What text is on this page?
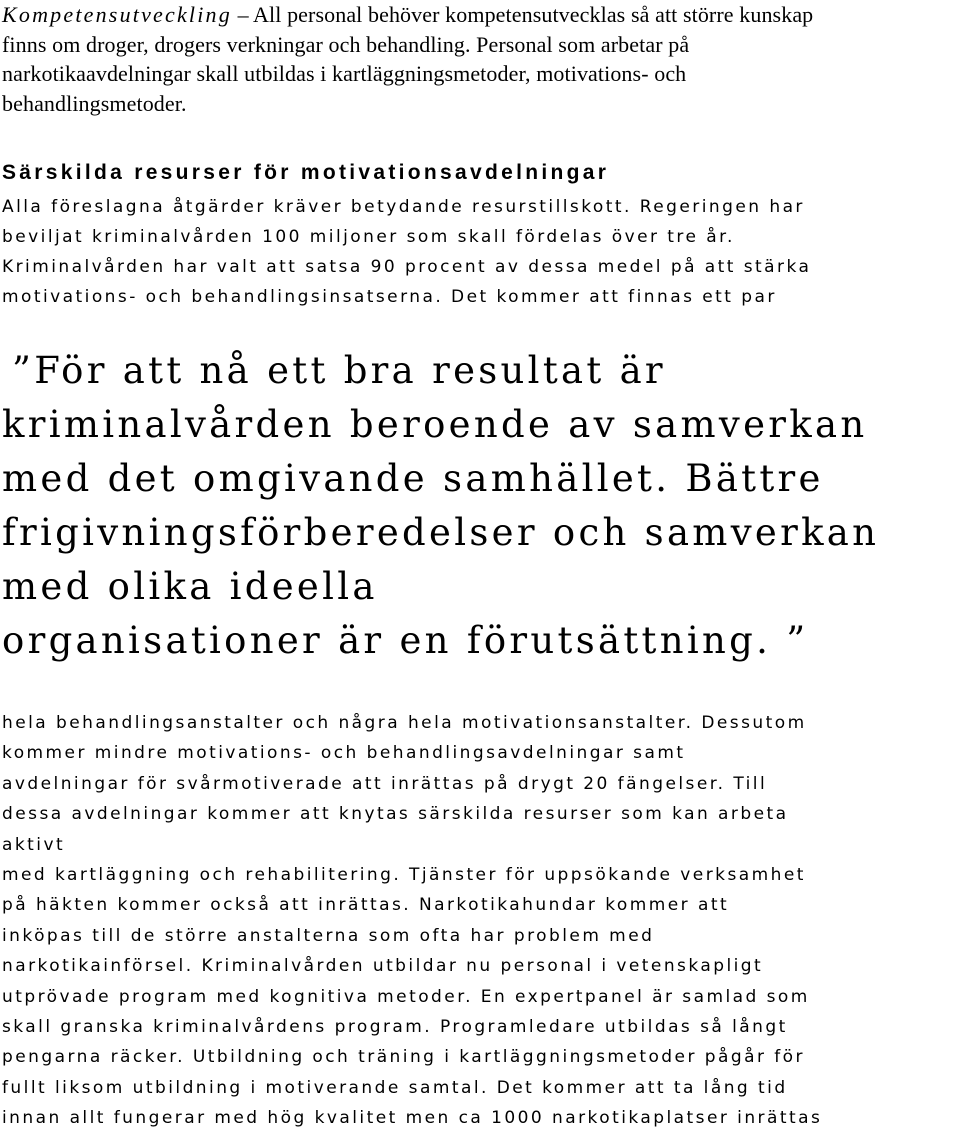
Kompetensutveckling – All personal behöver kompetensutvecklas så att större kunskap
finns om droger, drogers verkningar och behandling. Personal som arbetar på
narkotikaavdelningar skall utbildas i kartläggningsmetoder, motivations- och
behandlingsmetoder.
Särskilda resurser för motivationsavdelningar
Alla föreslagna åtgärder kräver betydande resurstillskott. Regeringen har
beviljat kriminalvården 100 miljoner som skall fördelas över tre år.
Kriminalvården har valt att satsa 90 procent av dessa medel på att stärka
motivations- och behandlingsinsatserna. Det kommer att finnas ett par
”För att nå ett bra resultat är
kriminalvården beroende av samverkan
med det omgivande samhället. Bättre
frigivningsförberedelser och samverkan
med olika ideella
organisationer är en förutsättning. ”
hela behandlingsanstalter och några hela motivationsanstalter. Dessutom
kommer mindre motivations- och behandlingsavdelningar samt
avdelningar för svårmotiverade att inrättas på drygt 20 fängelser. Till
dessa avdelningar kommer att knytas särskilda resurser som kan arbeta
aktivt
med kartläggning och rehabilitering. Tjänster för uppsökande verksamhet
på häkten kommer också att inrättas. Narkotikahundar kommer att
inköpas till de större anstalterna som ofta har problem med
narkotikainförsel. Kriminalvården utbildar nu personal i vetenskapligt
utprövade program med kognitiva metoder. En expertpanel är samlad som
skall granska kriminalvårdens program. Programledare utbildas så långt
pengarna räcker. Utbildning och träning i kartläggningsmetoder pågår för
fullt liksom utbildning i motiverande samtal. Det kommer att ta lång tid
innan allt fungerar med hög kvalitet men ca 1000 narkotikaplatser inrättas
